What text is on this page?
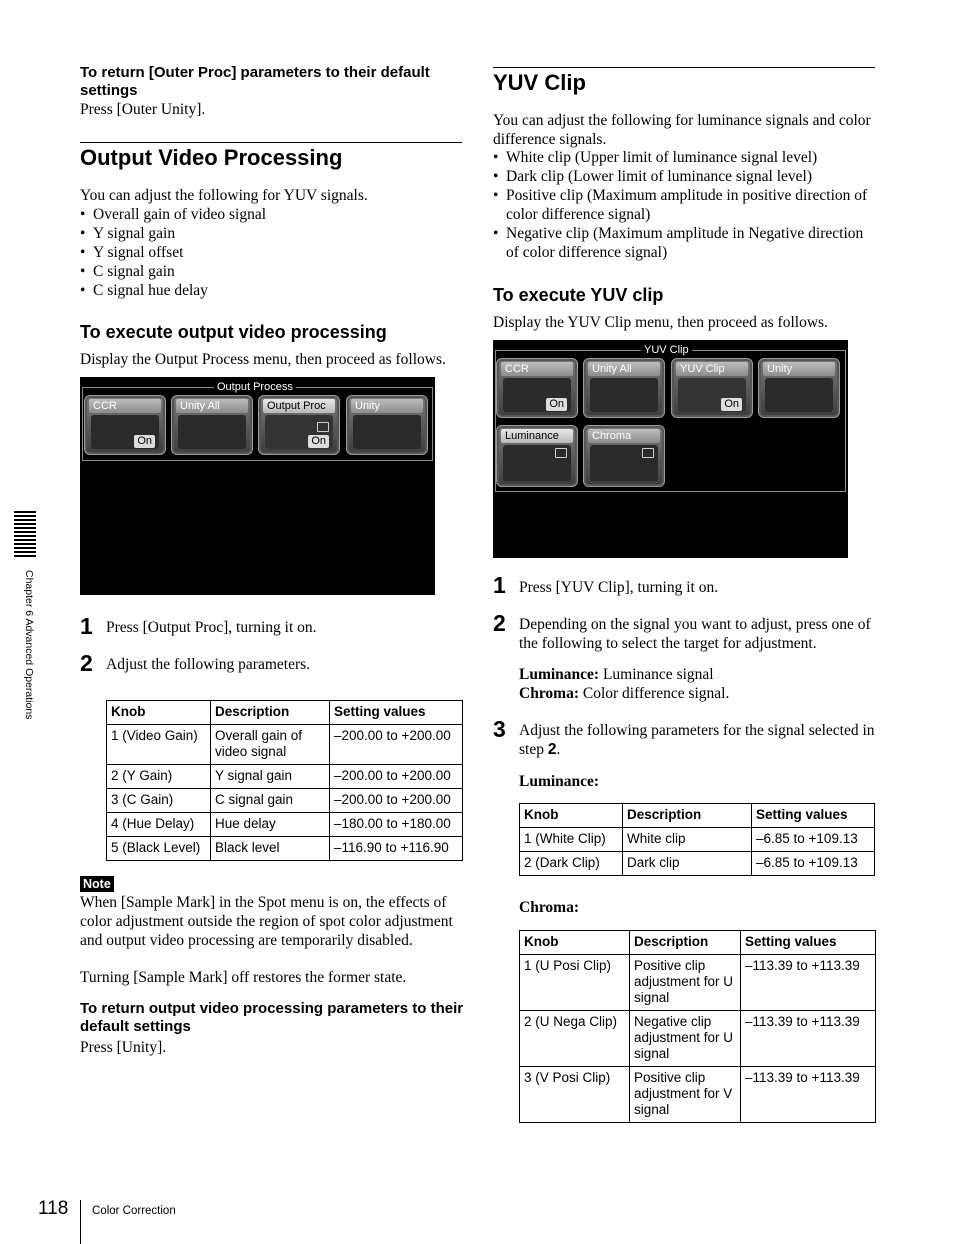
To return [Outer Proc] parameters to their default settings
Press [Outer Unity].
Output Video Processing
You can adjust the following for YUV signals.
• Overall gain of video signal
• Y signal gain
• Y signal offset
• C signal gain
• C signal hue delay
To execute output video processing
Display the Output Process menu, then proceed as follows.
Output Process
CCR
On
Unity All	Output Proc
On
Unity
1 Press [Output Proc], turning it on.
2 Adjust the following parameters.
Knob	Description	Setting values
1 (Video Gain)	Overall gain of video signal	–200.00 to +200.00
2 (Y Gain)	Y signal gain	–200.00 to +200.00
3 (C Gain)	C signal gain	–200.00 to +200.00
4 (Hue Delay)	Hue delay	–180.00 to +180.00
5 (Black Level)	Black level	–116.90 to +116.90
Note
When [Sample Mark] in the Spot menu is on, the effects of color adjustment outside the region of spot color adjustment and output video processing are temporarily disabled.
Turning [Sample Mark] off restores the former state.
To return output video processing parameters to their default settings
Press [Unity].
Chapter 6 Advanced Operations
YUV Clip
You can adjust the following for luminance signals and color difference signals.
• White clip (Upper limit of luminance signal level)
• Dark clip (Lower limit of luminance signal level)
• Positive clip (Maximum amplitude in positive direction of color difference signal)
• Negative clip (Maximum amplitude in Negative direction of color difference signal)
To execute YUV clip
Display the YUV Clip menu, then proceed as follows.
YUV Clip
CCR
On
Unity All	YUV Clip
On
Unity
Luminance	Chroma
1 Press [YUV Clip], turning it on.
2 Depending on the signal you want to adjust, press one of the following to select the target for adjustment.
Luminance: Luminance signal
Chroma: Color difference signal.
3 Adjust the following parameters for the signal selected in step 2.
Luminance:
Knob	Description	Setting values
1 (White Clip)	White clip	–6.85 to +109.13
2 (Dark Clip)	Dark clip	–6.85 to +109.13
Chroma:
Knob	Description	Setting values
1 (U Posi Clip)	Positive clip adjustment for U signal	–113.39 to +113.39
2 (U Nega Clip)	Negative clip adjustment for U signal	–113.39 to +113.39
3 (V Posi Clip)	Positive clip adjustment for V signal	–113.39 to +113.39
118 Color Correction
